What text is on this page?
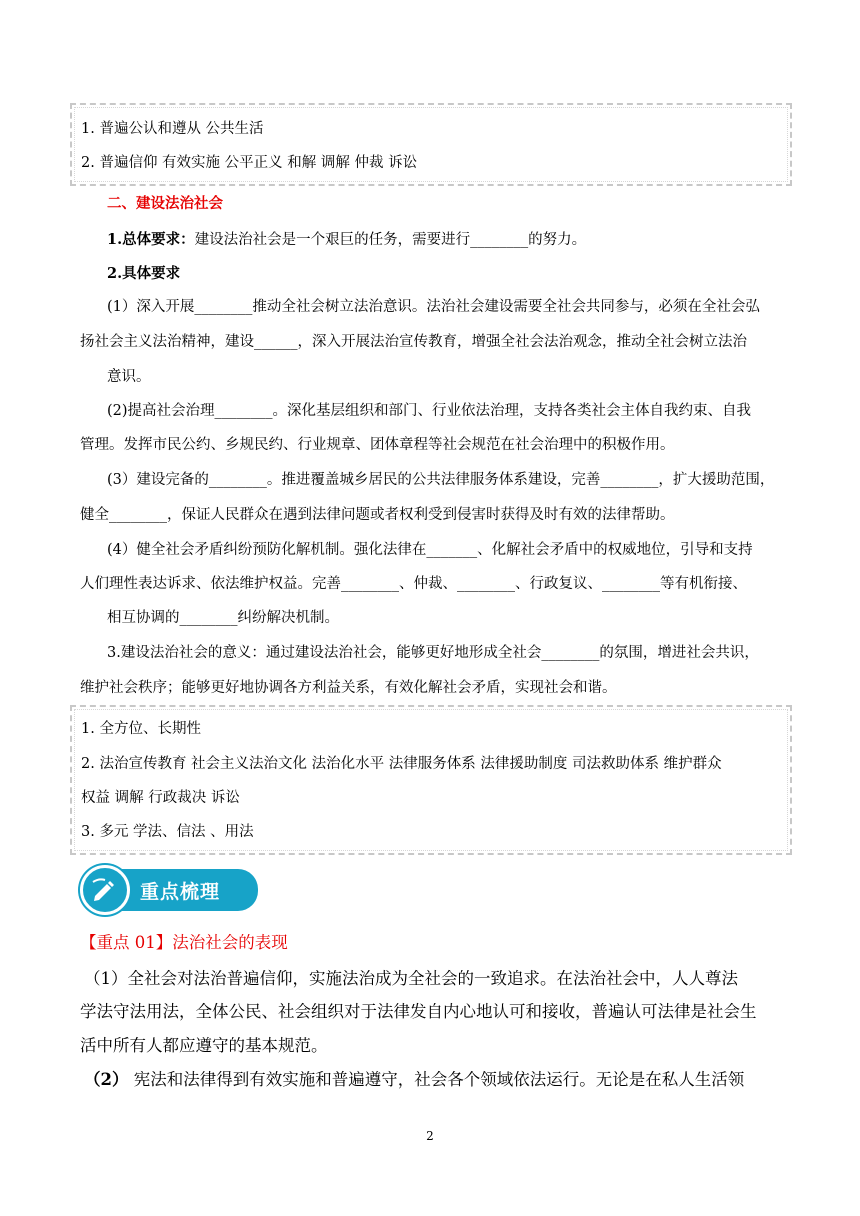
1. 普遍公认和遵从 公共生活
2. 普遍信仰 有效实施 公平正义 和解 调解 仲裁 诉讼
二、建设法治社会
1.总体要求：建设法治社会是一个艰巨的任务，需要进行________的努力。
2.具体要求
(1）深入开展________推动全社会树立法治意识。法治社会建设需要全社会共同参与，必须在全社会弘
扬社会主义法治精神，建设______，深入开展法治宣传教育，增强全社会法治观念，推动全社会树立法治
意识。
(2)提高社会治理________。深化基层组织和部门、行业依法治理，支持各类社会主体自我约束、自我
管理。发挥市民公约、乡规民约、行业规章、团体章程等社会规范在社会治理中的积极作用。
(3）建设完备的________。推进覆盖城乡居民的公共法律服务体系建设，完善________，扩大援助范围，
健全________，保证人民群众在遇到法律问题或者权利受到侵害时获得及时有效的法律帮助。
(4）健全社会矛盾纠纷预防化解机制。强化法律在_______、化解社会矛盾中的权威地位，引导和支持
人们理性表达诉求、依法维护权益。完善________、仲裁、________、行政复议、________等有机衔接、
相互协调的________纠纷解决机制。
3.建设法治社会的意义：通过建设法治社会，能够更好地形成全社会________的氛围，增进社会共识，
维护社会秩序；能够更好地协调各方利益关系，有效化解社会矛盾，实现社会和谐。
1. 全方位、长期性
2. 法治宣传教育 社会主义法治文化 法治化水平 法律服务体系 法律援助制度 司法救助体系 维护群众
权益 调解 行政裁决 诉讼
3. 多元 学法、信法 、用法
重点梳理
【重点 01】法治社会的表现
（1）全社会对法治普遍信仰，实施法治成为全社会的一致追求。在法治社会中，人人尊法
学法守法用法，全体公民、社会组织对于法律发自内心地认可和接收，普遍认可法律是社会生
活中所有人都应遵守的基本规范。
（2） 宪法和法律得到有效实施和普遍遵守，社会各个领域依法运行。无论是在私人生活领
2
